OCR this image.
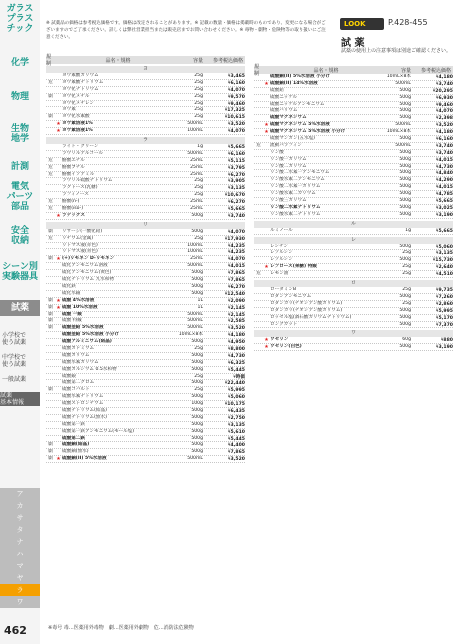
ガラス
プラス
チック
化学
物理
生物
地学
計測
電気
パーツ
部品
安全
収納
シーン別
実験器具
試薬
小学校で
使う試薬
中学校で
使う試薬
一般試薬
試薬
基本情報
ア
カ
サ
タ
ナ
ハ
マ
ヤ
ラ
ワ
※ 試薬品の価格は参考税込価格です。価格は改定されることがあります。※ 記載の数量・価格は掲載時のものであり、変更になる場合がございますのでご了承ください。詳しくは弊社営業担当または販売店までお問い合わせください。※ 毒物・劇物・危険物等の取り扱いにご注意ください。
LOOK	P.428-455
試 薬
試薬の使用上の注意事項は別途ご確認ください。
規制
品名・規格	容量	参考税込価格
ヨ
ヨウ素酸カリウム	25g	¥ 3,465
危	ヨウ素酸ナトリウム	25g	¥ 6,160
ヨウ化ナトリウム	25g	¥ 4,070
劇	ヨウ化メチル	25g	¥ 9,570
ヨウ化メチレン	25g	¥ 9,460
ヨウ素	25g	¥ 17,325
劇	ヨウ化水素酸	25g	¥ 10,615
★ ヨウ素溶液1%	500mL	¥ 3,520
★ ヨウ素溶液1%	100mL	¥ 4,070
ラ
ライト・グリーン	1g	¥ 5,665
ラウリルアルコール	500mL	¥ 6,160
危	酪酸エチル	25mL	¥ 5,115
危	酪酸ブチル	25mL	¥ 3,795
危	酪酸イソアミル	25mL	¥ 6,270
ラウリル硫酸ナトリウム	25g	¥ 3,905
ラクトース(乳糖)	25g	¥ 3,135
ラフィノース	25g	¥ 10,670
危	酪酸(n-)	25mL	¥ 6,270
危	酪酸(iso-)	25mL	¥ 5,665
★ ラテックス	500g	¥ 3,740
リ
劇	リサージ(一酸化鉛)	500g	¥ 4,070
危	リチウム(金属)	25g	¥ 17,930
リトマス液(赤色)	100mL	¥ 4,235
リトマス液(青色)	100mL	¥ 4,235
劇 ★ (+)リモネン D-リモネン	25mL	¥ 4,070
硫化アンモニウム溶液	500mL	¥ 4,015
硫化アンモニウム(黄色)	500g	¥ 7,865
硫化ナトリウム 九水和物	500g	¥ 7,865
硫化鉄	500g	¥ 6,270
硫化水銀	500g	¥ 12,540
劇 ★ 硫酸 4%水溶液	1L	¥ 2,090
劇 ★ 硫酸 10%水溶液	1L	¥ 2,145
劇	硫酸 一級	500mL	¥ 2,145
劇	硫酸 特級	500mL	¥ 2,585
劇	硫酸亜鉛 5%水溶液	500mL	¥ 3,520
硫酸亜鉛 5%水溶液 小分け	10mL×8本	¥ 4,180
硫酸アルミニウム(結晶)	500g	¥ 4,950
硫酸カドミウム	25g	¥ 8,800
硫酸カリウム	500g	¥ 4,730
硫酸水素カリウム	500g	¥ 6,325
硫酸カルシウム 0.5水和物	500g	¥ 5,445
硫酸銀	25g	¥ 時価
硫酸第二クロム	500g	¥ 22,440
劇	硫酸コバルト	25g	¥ 5,995
硫酸水素ナトリウム	500g	¥ 5,060
硫酸ストロンチウム	100g	¥ 10,175
硫酸ナトリウム(結晶)	500g	¥ 6,435
硫酸ナトリウム(無水)	500g	¥ 2,750
硫酸第一鉄	500g	¥ 3,135
硫酸第一鉄アンモニウム(モール塩)	500g	¥ 5,610
硫酸第二鉄	500g	¥ 5,445
劇	硫酸銅(結晶)	500g	¥ 4,400
劇	硫酸銅(無水)	500g	¥ 7,865
劇 ★ 硫酸銅(II) 5%水溶液	500mL	¥ 3,520
規制
品名・規格	容量	参考税込価格
硫酸銅(II) 5%水溶液 小分け	10mL×8本	¥ 4,180
★ 硫酸銅(II) 14%水溶液	500mL	¥ 3,740
硫酸鉛	500g	¥ 20,295
硫酸ニッケル	500g	¥ 6,930
硫酸ニッケルアンモニウム	500g	¥ 9,460
硫酸バリウム	500g	¥ 4,070
硫酸マグネシウム	500g	¥ 2,398
★ 硫酸マグネシウム 5%水溶液	500mL	¥ 3,520
★ 硫酸マグネシウム 5%水溶液 小分け	10mL×8本	¥ 4,180
硫酸マンガン(五水塩)	500g	¥ 6,160
危	流動パラフィン	500mL	¥ 3,740
リン酸	500g	¥ 3,740
リン酸一カリウム	500g	¥ 4,015
リン酸二カリウム	500g	¥ 4,730
リン酸二水素一アンモニウム	500g	¥ 4,840
リン酸水素二アンモニウム	500g	¥ 4,290
リン酸二水素一カリウム	500g	¥ 4,015
リン酸水素二カリウム	500g	¥ 4,785
リン酸三カリウム	500g	¥ 5,665
リン酸二水素ナトリウム	500g	¥ 3,025
リン酸水素二ナトリウム	500g	¥ 3,190
ル
ルミノール	1g	¥ 5,665
レ
レシチン	500g	¥ 5,060
レゾルシン	25g	¥ 3,135
レゾルシン	500g	¥ 15,730
★ レフロース(果糖) 特級	25g	¥ 2,640
危	レモン油	25g	¥ 4,510
ロ
ローダミンB	25g	¥ 9,735
ロダンアンモニウム	500g	¥ 7,260
ロダンカリ(チオシアン酸カリウム)	25g	¥ 2,860
ロダンカリ(チオシアン酸カリウム)	500g	¥ 5,995
ロッセル塩(酒石酸カリウムナトリウム)	500g	¥ 5,170
ロングガット	500g	¥ 7,370
ワ
★ ワセリン	60g	¥ 880
★ ワセリン(白色)	500g	¥ 3,190
462	※毒号 毒…医薬用外毒物　劇…医薬用外劇物　危…消防法危険物
